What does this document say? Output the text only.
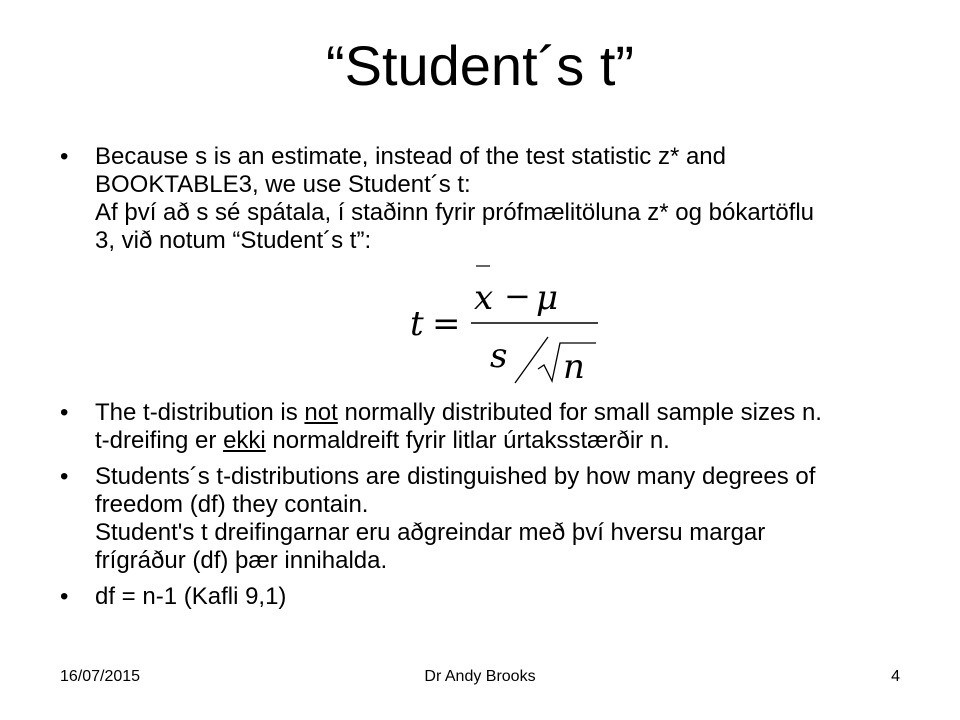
“Student´s t”
• Because s is an estimate, instead of the test statistic z* and
BOOKTABLE3, we use Student´s t:
Af því að s sé spátala, í staðinn fyrir prófmælitöluna z* og bókartöflu
3, við notum “Student´s t”:
x − μ
t =
s n
• The t-distribution is not normally distributed for small sample sizes n.
t-dreifing er ekki normaldreift fyrir litlar úrtaksstærðir n.
• Students´s t-distributions are distinguished by how many degrees of
freedom (df) they contain.
Student's t dreifingarnar eru aðgreindar með því hversu margar
frígráður (df) þær innihalda.
• df = n-1 (Kafli 9,1)
16/07/2015	Dr Andy Brooks	4
